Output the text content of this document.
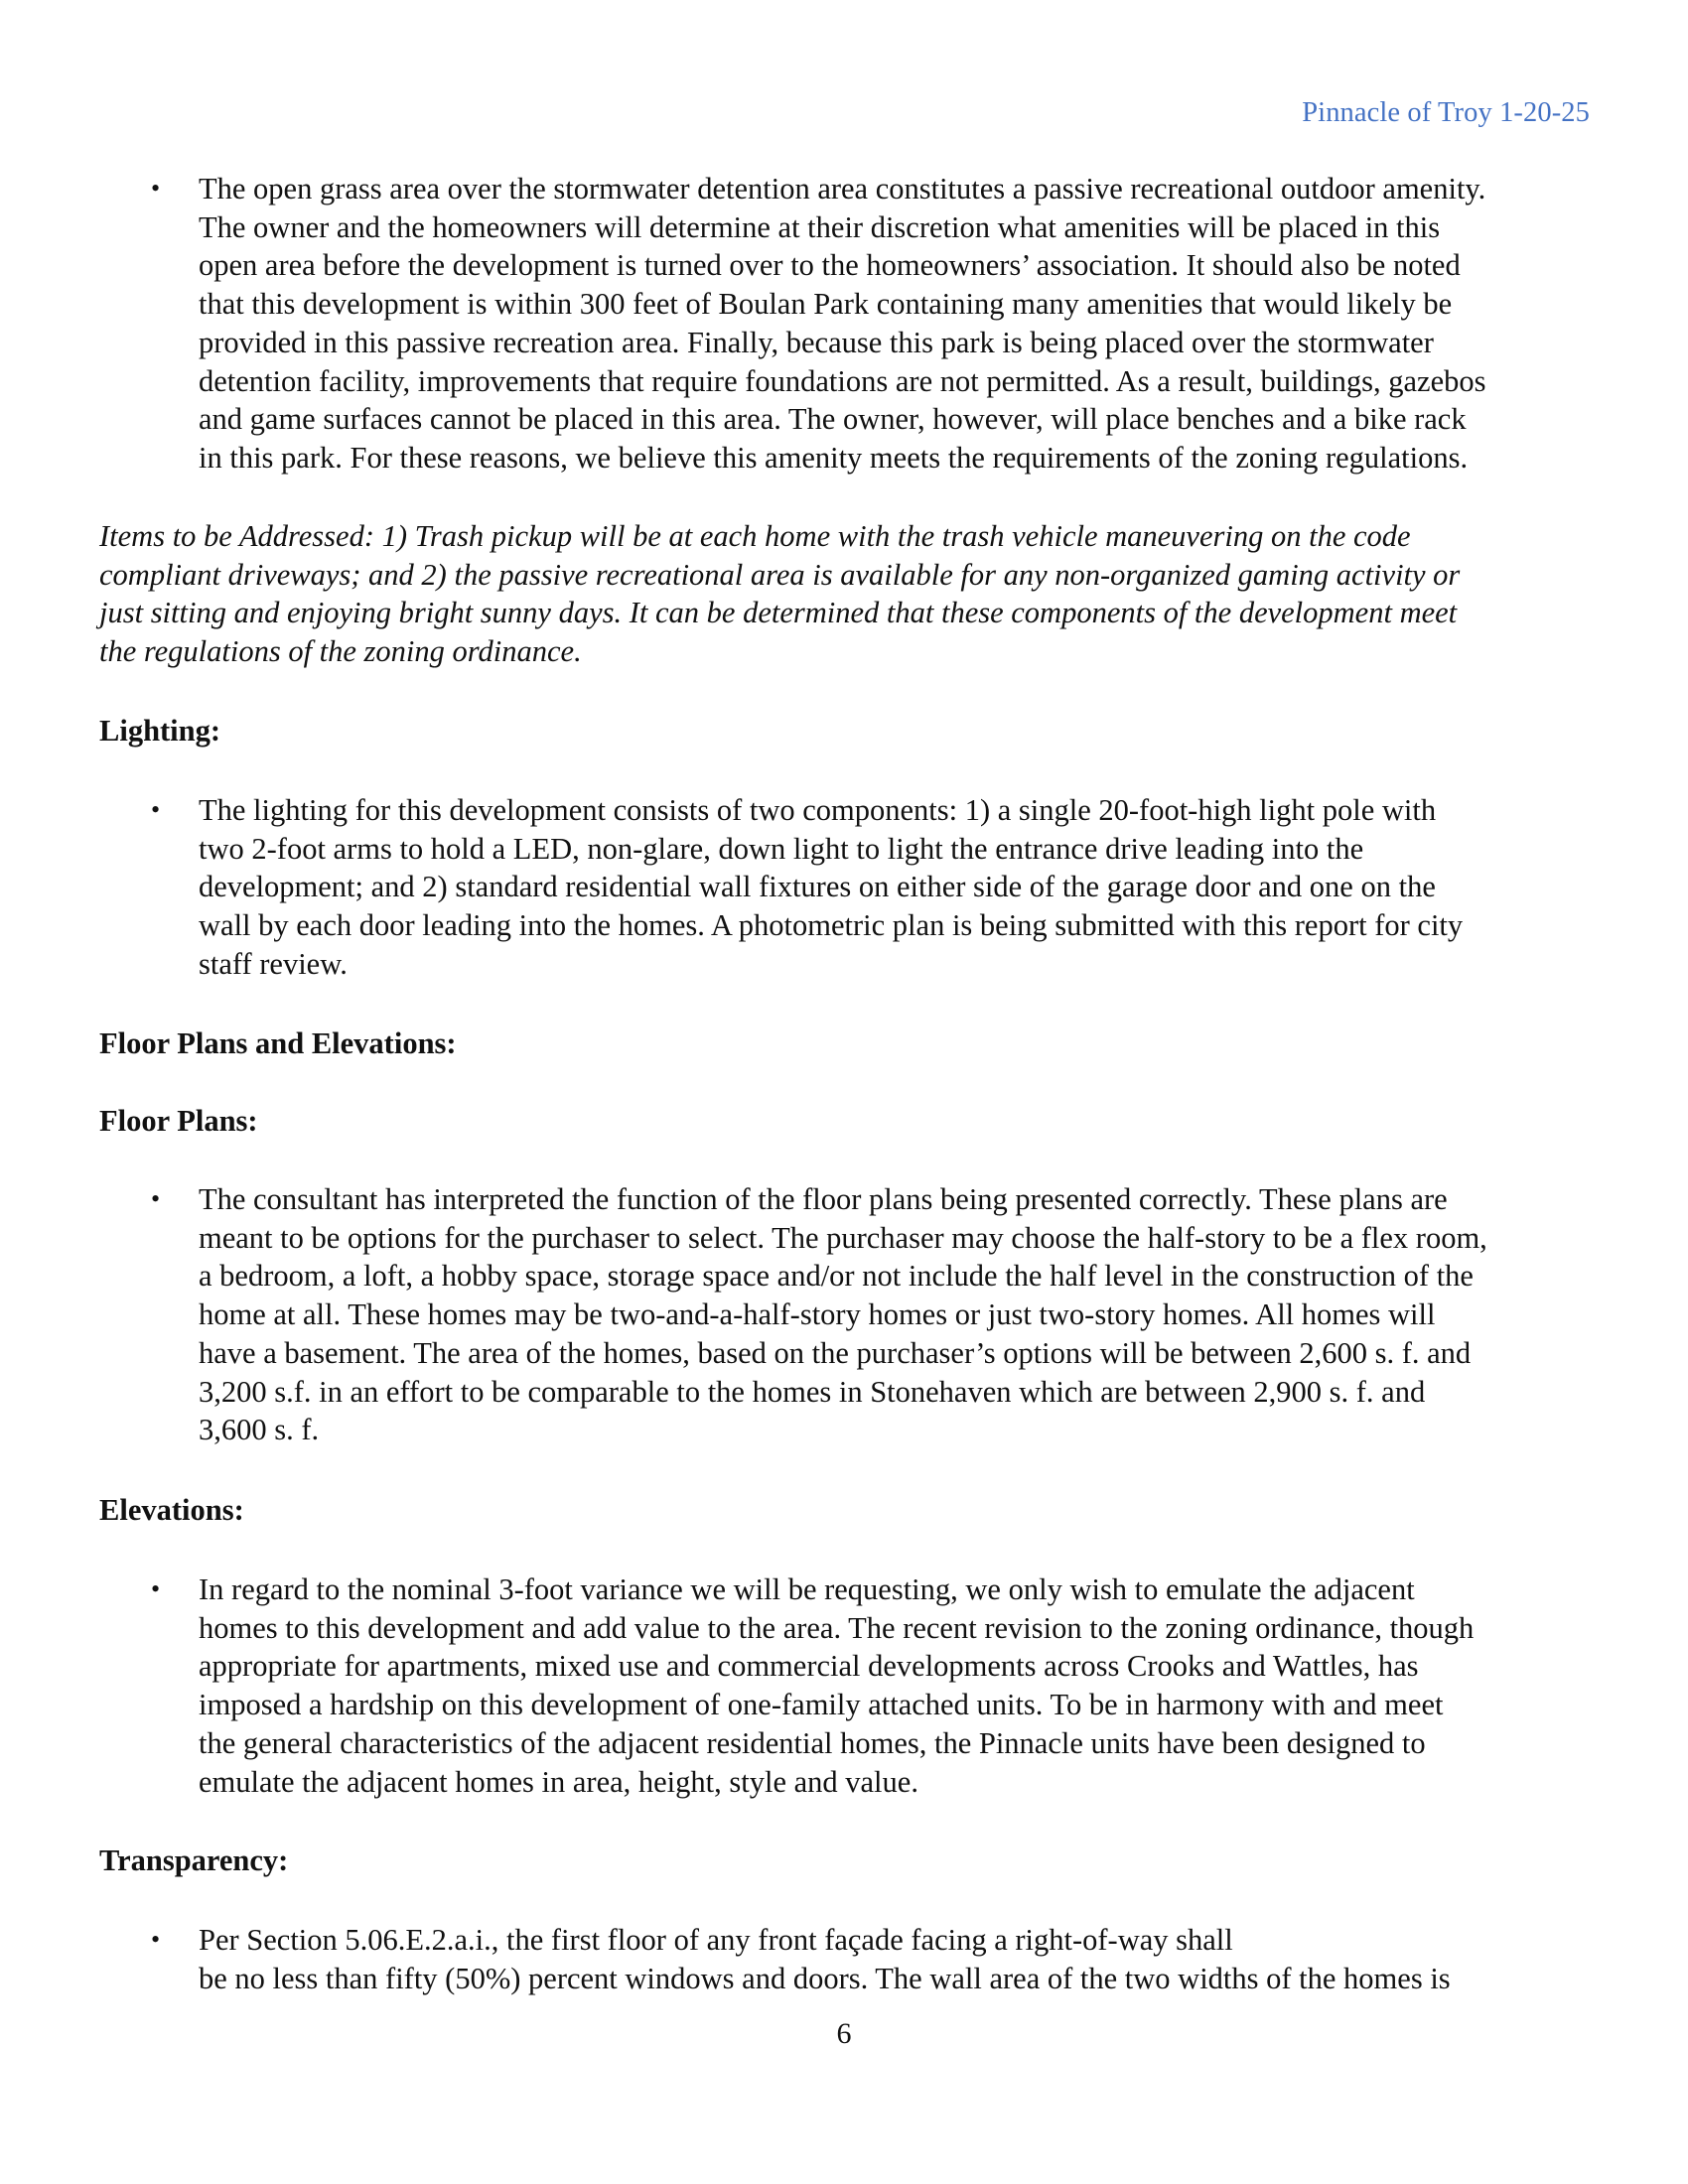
Pinnacle of Troy 1-20-25
• The open grass area over the stormwater detention area constitutes a passive recreational outdoor amenity.
The owner and the homeowners will determine at their discretion what amenities will be placed in this
open area before the development is turned over to the homeowners’ association. It should also be noted
that this development is within 300 feet of Boulan Park containing many amenities that would likely be
provided in this passive recreation area. Finally, because this park is being placed over the stormwater
detention facility, improvements that require foundations are not permitted. As a result, buildings, gazebos
and game surfaces cannot be placed in this area. The owner, however, will place benches and a bike rack
in this park. For these reasons, we believe this amenity meets the requirements of the zoning regulations.
Items to be Addressed: 1) Trash pickup will be at each home with the trash vehicle maneuvering on the code
compliant driveways; and 2) the passive recreational area is available for any non-organized gaming activity or
just sitting and enjoying bright sunny days. It can be determined that these components of the development meet
the regulations of the zoning ordinance.
Lighting:
• The lighting for this development consists of two components: 1) a single 20-foot-high light pole with
two 2-foot arms to hold a LED, non-glare, down light to light the entrance drive leading into the
development; and 2) standard residential wall fixtures on either side of the garage door and one on the
wall by each door leading into the homes. A photometric plan is being submitted with this report for city
staff review.
Floor Plans and Elevations:
Floor Plans:
• The consultant has interpreted the function of the floor plans being presented correctly. These plans are
meant to be options for the purchaser to select. The purchaser may choose the half-story to be a flex room,
a bedroom, a loft, a hobby space, storage space and/or not include the half level in the construction of the
home at all. These homes may be two-and-a-half-story homes or just two-story homes. All homes will
have a basement. The area of the homes, based on the purchaser’s options will be between 2,600 s. f. and
3,200 s.f. in an effort to be comparable to the homes in Stonehaven which are between 2,900 s. f. and
3,600 s. f.
Elevations:
• In regard to the nominal 3-foot variance we will be requesting, we only wish to emulate the adjacent
homes to this development and add value to the area. The recent revision to the zoning ordinance, though
appropriate for apartments, mixed use and commercial developments across Crooks and Wattles, has
imposed a hardship on this development of one-family attached units. To be in harmony with and meet
the general characteristics of the adjacent residential homes, the Pinnacle units have been designed to
emulate the adjacent homes in area, height, style and value.
Transparency:
• Per Section 5.06.E.2.a.i., the first floor of any front façade facing a right-of-way shall
be no less than fifty (50%) percent windows and doors. The wall area of the two widths of the homes is
6
